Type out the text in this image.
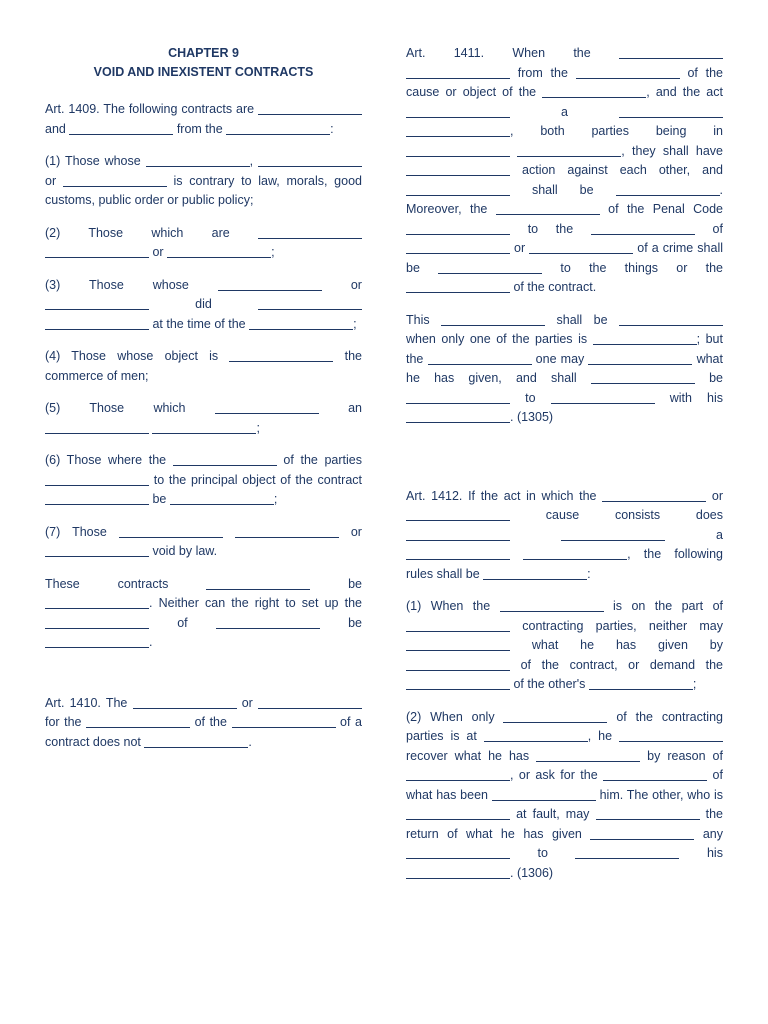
CHAPTER 9
VOID AND INEXISTENT CONTRACTS

Art. 1409. The following contracts are  and	from the	:

(1) Those whose	,  or	is contrary to law, morals, good customs, public order or public policy;

(2) Those which are   or	;

(3) Those whose	or  did   at the time of the	;

(4) Those whose object is	the commerce of men;

(5) Those which	an  ;

(6) Those where the	of the parties  to the principal object of the contract  be	;

(7) Those	or  void by law.

These contracts	be . Neither can the right to set up the  of	be .

Art. 1410. The	or  for the	of the	of a contract does not	.

Art. 1411. When the   from the	of the cause or object of the	, and the act  a  , both parties being in  , they shall have  action against each other, and  shall be	. Moreover, the	of the Penal Code  to the	of  or	of a crime shall be	to the things or the  of the contract.

This	shall be  when only one of the parties is	; but the	one may	what he has given, and shall	be  to	with his . (1305)

Art. 1412. If the act in which the	or  cause consists does   a  , the following rules shall be	:

(1) When the	is on the part of  contracting parties, neither may  what he has given by  of the contract, or demand the  of the other's	;

(2) When only	of the contracting parties is at	, he  recover what he has	by reason of , or ask for the	of what has been	him. The other, who is  at fault, may	the return of what he has given	any  to	his . (1306)
